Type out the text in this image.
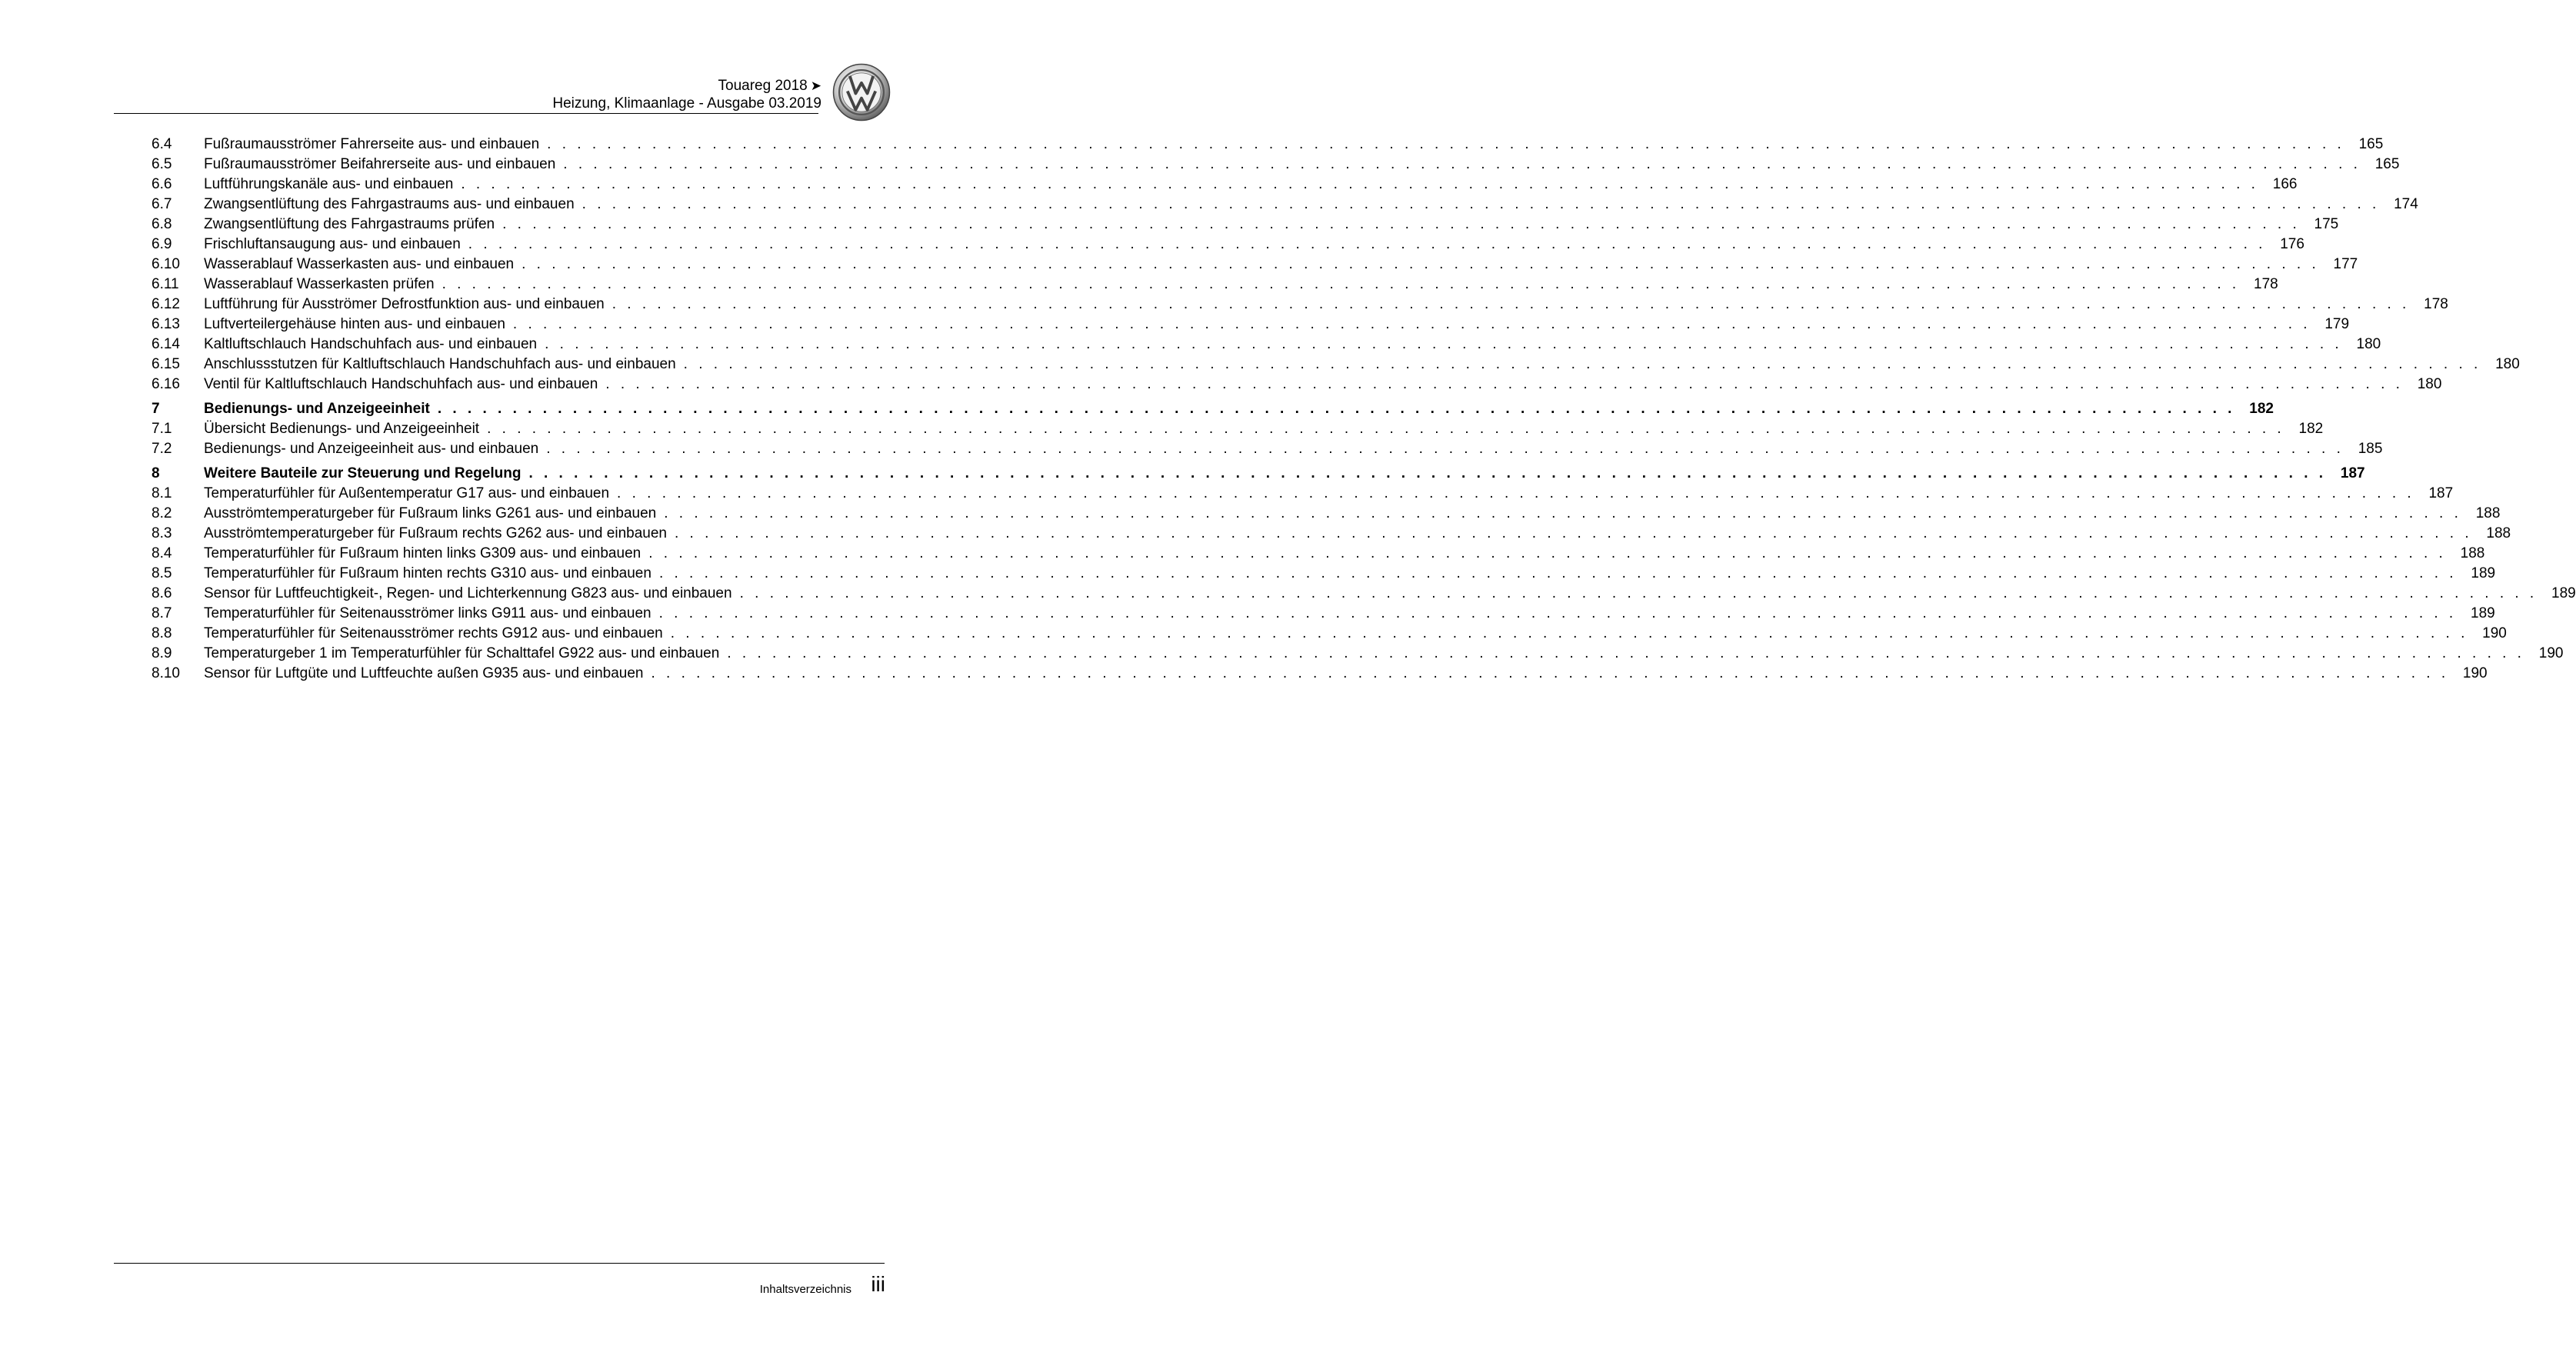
Touareg 2018 ➤
Heizung, Klimaanlage - Ausgabe 03.2019
6.4	Fußraumausströmer Fahrerseite aus- und einbauen . . . . . . . . . . . . . . . . . . . . . . . . . . . . . . . . . . . . . . . . . . . . . . . . . . . . . . . . . . . . . . . . . . . . . . . . . . . . . . . . . . . . . . . . . . . . . . . . . . . . . . . . . . . . . . . . . . . . . . . . 165
6.5	Fußraumausströmer Beifahrerseite aus- und einbauen . . . . . . . . . . . . . . . . . . . . . . . . . . . . . . . . . . . . . . . . . . . . . . . . . . . . . . . . . . . . . . . . . . . . . . . . . . . . . . . . . . . . . . . . . . . . . . . . . . . . . . . . . . . . . . . . . . . . . . . . 165
6.6	Luftführungskanäle aus- und einbauen . . . . . . . . . . . . . . . . . . . . . . . . . . . . . . . . . . . . . . . . . . . . . . . . . . . . . . . . . . . . . . . . . . . . . . . . . . . . . . . . . . . . . . . . . . . . . . . . . . . . . . . . . . . . . . . . . . . . . . . . 166
6.7	Zwangsentlüftung des Fahrgastraums aus- und einbauen . . . . . . . . . . . . . . . . . . . . . . . . . . . . . . . . . . . . . . . . . . . . . . . . . . . . . . . . . . . . . . . . . . . . . . . . . . . . . . . . . . . . . . . . . . . . . . . . . . . . . . . . . . . . . . . . . . . . . . . . 174
6.8	Zwangsentlüftung des Fahrgastraums prüfen . . . . . . . . . . . . . . . . . . . . . . . . . . . . . . . . . . . . . . . . . . . . . . . . . . . . . . . . . . . . . . . . . . . . . . . . . . . . . . . . . . . . . . . . . . . . . . . . . . . . . . . . . . . . . . . . . . . . . . . . 175
6.9	Frischluftansaugung aus- und einbauen . . . . . . . . . . . . . . . . . . . . . . . . . . . . . . . . . . . . . . . . . . . . . . . . . . . . . . . . . . . . . . . . . . . . . . . . . . . . . . . . . . . . . . . . . . . . . . . . . . . . . . . . . . . . . . . . . . . . . . . . 176
6.10	Wasserablauf Wasserkasten aus- und einbauen . . . . . . . . . . . . . . . . . . . . . . . . . . . . . . . . . . . . . . . . . . . . . . . . . . . . . . . . . . . . . . . . . . . . . . . . . . . . . . . . . . . . . . . . . . . . . . . . . . . . . . . . . . . . . . . . . . . . . . . . 177
6.11	Wasserablauf Wasserkasten prüfen . . . . . . . . . . . . . . . . . . . . . . . . . . . . . . . . . . . . . . . . . . . . . . . . . . . . . . . . . . . . . . . . . . . . . . . . . . . . . . . . . . . . . . . . . . . . . . . . . . . . . . . . . . . . . . . . . . . . . . . . 178
6.12	Luftführung für Ausströmer Defrostfunktion aus- und einbauen . . . . . . . . . . . . . . . . . . . . . . . . . . . . . . . . . . . . . . . . . . . . . . . . . . . . . . . . . . . . . . . . . . . . . . . . . . . . . . . . . . . . . . . . . . . . . . . . . . . . . . . . . . . . . . . . . . . . . . . . 178
6.13	Luftverteilergehäuse hinten aus- und einbauen . . . . . . . . . . . . . . . . . . . . . . . . . . . . . . . . . . . . . . . . . . . . . . . . . . . . . . . . . . . . . . . . . . . . . . . . . . . . . . . . . . . . . . . . . . . . . . . . . . . . . . . . . . . . . . . . . . . . . . . . 179
6.14	Kaltluftschlauch Handschuhfach aus- und einbauen . . . . . . . . . . . . . . . . . . . . . . . . . . . . . . . . . . . . . . . . . . . . . . . . . . . . . . . . . . . . . . . . . . . . . . . . . . . . . . . . . . . . . . . . . . . . . . . . . . . . . . . . . . . . . . . . . . . . . . . . 180
6.15	Anschlussstutzen für Kaltluftschlauch Handschuhfach aus- und einbauen . . . . . . . . . . . . . . . . . . . . . . . . . . . . . . . . . . . . . . . . . . . . . . . . . . . . . . . . . . . . . . . . . . . . . . . . . . . . . . . . . . . . . . . . . . . . . . . . . . . . . . . . . . . . . . . . . . . . . . . . 180
6.16	Ventil für Kaltluftschlauch Handschuhfach aus- und einbauen . . . . . . . . . . . . . . . . . . . . . . . . . . . . . . . . . . . . . . . . . . . . . . . . . . . . . . . . . . . . . . . . . . . . . . . . . . . . . . . . . . . . . . . . . . . . . . . . . . . . . . . . . . . . . . . . . . . . . . . . 180
7	Bedienungs- und Anzeigeeinheit . . . . . . . . . . . . . . . . . . . . . . . . . . . . . . . . . . . . . . . . . . . . . . . . . . . . . . . . . . . . . . . . . . . . . . . . . . . . . . . . . . . . . . . . . . . . . . . . . . . . . . . . . . . . . . . . . . . . . . . . 182
7.1	Übersicht Bedienungs- und Anzeigeeinheit . . . . . . . . . . . . . . . . . . . . . . . . . . . . . . . . . . . . . . . . . . . . . . . . . . . . . . . . . . . . . . . . . . . . . . . . . . . . . . . . . . . . . . . . . . . . . . . . . . . . . . . . . . . . . . . . . . . . . . . . 182
7.2	Bedienungs- und Anzeigeeinheit aus- und einbauen . . . . . . . . . . . . . . . . . . . . . . . . . . . . . . . . . . . . . . . . . . . . . . . . . . . . . . . . . . . . . . . . . . . . . . . . . . . . . . . . . . . . . . . . . . . . . . . . . . . . . . . . . . . . . . . . . . . . . . . . 185
8	Weitere Bauteile zur Steuerung und Regelung . . . . . . . . . . . . . . . . . . . . . . . . . . . . . . . . . . . . . . . . . . . . . . . . . . . . . . . . . . . . . . . . . . . . . . . . . . . . . . . . . . . . . . . . . . . . . . . . . . . . . . . . . . . . . . . . . . . . . . . . 187
8.1	Temperaturfühler für Außentemperatur G17 aus- und einbauen . . . . . . . . . . . . . . . . . . . . . . . . . . . . . . . . . . . . . . . . . . . . . . . . . . . . . . . . . . . . . . . . . . . . . . . . . . . . . . . . . . . . . . . . . . . . . . . . . . . . . . . . . . . . . . . . . . . . . . . . 187
8.2	Ausströmtemperaturgeber für Fußraum links G261 aus- und einbauen . . . . . . . . . . . . . . . . . . . . . . . . . . . . . . . . . . . . . . . . . . . . . . . . . . . . . . . . . . . . . . . . . . . . . . . . . . . . . . . . . . . . . . . . . . . . . . . . . . . . . . . . . . . . . . . . . . . . . . . . 188
8.3	Ausströmtemperaturgeber für Fußraum rechts G262 aus- und einbauen . . . . . . . . . . . . . . . . . . . . . . . . . . . . . . . . . . . . . . . . . . . . . . . . . . . . . . . . . . . . . . . . . . . . . . . . . . . . . . . . . . . . . . . . . . . . . . . . . . . . . . . . . . . . . . . . . . . . . . . . 188
8.4	Temperaturfühler für Fußraum hinten links G309 aus- und einbauen . . . . . . . . . . . . . . . . . . . . . . . . . . . . . . . . . . . . . . . . . . . . . . . . . . . . . . . . . . . . . . . . . . . . . . . . . . . . . . . . . . . . . . . . . . . . . . . . . . . . . . . . . . . . . . . . . . . . . . . . 188
8.5	Temperaturfühler für Fußraum hinten rechts G310 aus- und einbauen . . . . . . . . . . . . . . . . . . . . . . . . . . . . . . . . . . . . . . . . . . . . . . . . . . . . . . . . . . . . . . . . . . . . . . . . . . . . . . . . . . . . . . . . . . . . . . . . . . . . . . . . . . . . . . . . . . . . . . . . 189
8.6	Sensor für Luftfeuchtigkeit-, Regen- und Lichterkennung G823 aus- und einbauen . . . . . . . . . . . . . . . . . . . . . . . . . . . . . . . . . . . . . . . . . . . . . . . . . . . . . . . . . . . . . . . . . . . . . . . . . . . . . . . . . . . . . . . . . . . . . . . . . . . . . . . . . . . . . . . . . . . . . . . . 189
8.7	Temperaturfühler für Seitenausströmer links G911 aus- und einbauen . . . . . . . . . . . . . . . . . . . . . . . . . . . . . . . . . . . . . . . . . . . . . . . . . . . . . . . . . . . . . . . . . . . . . . . . . . . . . . . . . . . . . . . . . . . . . . . . . . . . . . . . . . . . . . . . . . . . . . . . 189
8.8	Temperaturfühler für Seitenausströmer rechts G912 aus- und einbauen . . . . . . . . . . . . . . . . . . . . . . . . . . . . . . . . . . . . . . . . . . . . . . . . . . . . . . . . . . . . . . . . . . . . . . . . . . . . . . . . . . . . . . . . . . . . . . . . . . . . . . . . . . . . . . . . . . . . . . . . 190
8.9	Temperaturgeber 1 im Temperaturfühler für Schalttafel G922 aus- und einbauen . . . . . . . . . . . . . . . . . . . . . . . . . . . . . . . . . . . . . . . . . . . . . . . . . . . . . . . . . . . . . . . . . . . . . . . . . . . . . . . . . . . . . . . . . . . . . . . . . . . . . . . . . . . . . . . . . . . . . . . . 190
8.10	Sensor für Luftgüte und Luftfeuchte außen G935 aus- und einbauen . . . . . . . . . . . . . . . . . . . . . . . . . . . . . . . . . . . . . . . . . . . . . . . . . . . . . . . . . . . . . . . . . . . . . . . . . . . . . . . . . . . . . . . . . . . . . . . . . . . . . . . . . . . . . . . . . . . . . . . . 190
Inhaltsverzeichnis iii
